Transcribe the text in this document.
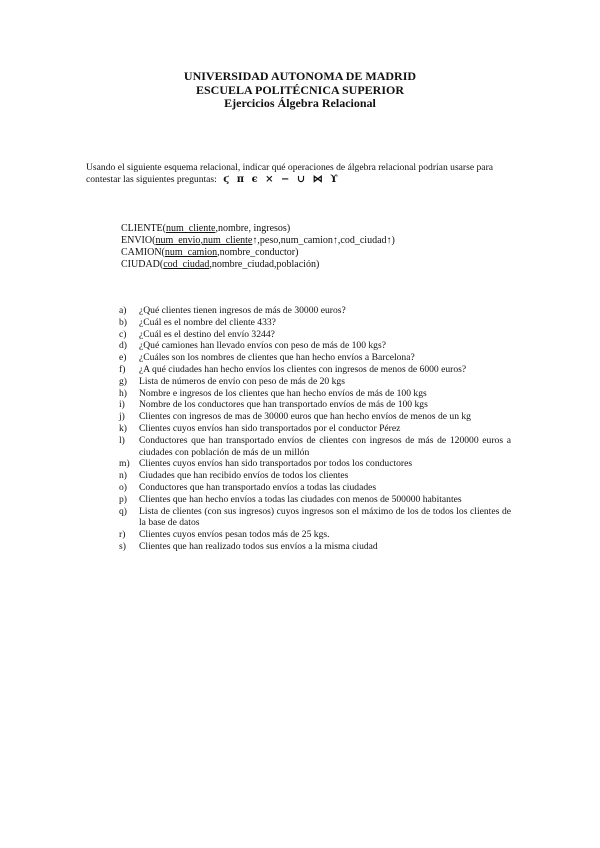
UNIVERSIDAD AUTONOMA DE MADRID
ESCUELA POLITÉCNICA SUPERIOR
Ejercicios Álgebra Relacional
Usando el siguiente esquema relacional, indicar qué operaciones de álgebra relacional podrían usarse para contestar las siguientes preguntas: ϛ π ϵ × − ∪ ⋈ ϒ
CLIENTE(num_cliente,nombre, ingresos)
ENVIO(num_envio,num_cliente↑,peso,num_camion↑,cod_ciudad↑)
CAMION(num_camion,nombre_conductor)
CIUDAD(cod_ciudad,nombre_ciudad,población)
a)	¿Qué clientes tienen ingresos de más de 30000 euros?
b)	¿Cuál es el nombre del cliente 433?
c)	¿Cuál es el destino del envío 3244?
d)	¿Qué camiones han llevado envíos con peso de más de 100 kgs?
e)	¿Cuáles son los nombres de clientes que han hecho envíos a Barcelona?
f)	¿A qué ciudades han hecho envíos los clientes con ingresos de menos de 6000 euros?
g)	Lista de números de envío con peso de más de 20 kgs
h)	Nombre e ingresos de los clientes que han hecho envíos de más de 100 kgs
i)	Nombre de los conductores que han transportado envíos de más de 100 kgs
j)	Clientes con ingresos de mas de 30000 euros que han hecho envíos de menos de un kg
k)	Clientes cuyos envíos han sido transportados por el conductor Pérez
l)	Conductores que han transportado envíos de clientes con ingresos de más de 120000 euros a ciudades con población de más de un millón
m) Clientes cuyos envíos han sido transportados por todos los conductores
n)	Ciudades que han recibido envíos de todos los clientes
o)	Conductores que han transportado envíos a todas las ciudades
p)	Clientes que han hecho envíos a todas las ciudades con menos de 500000 habitantes
q)	Lista de clientes (con sus ingresos) cuyos ingresos son el máximo de los de todos los clientes de la base de datos
r)	Clientes cuyos envíos pesan todos más de 25 kgs.
s)	Clientes que han realizado todos sus envíos a la misma ciudad
